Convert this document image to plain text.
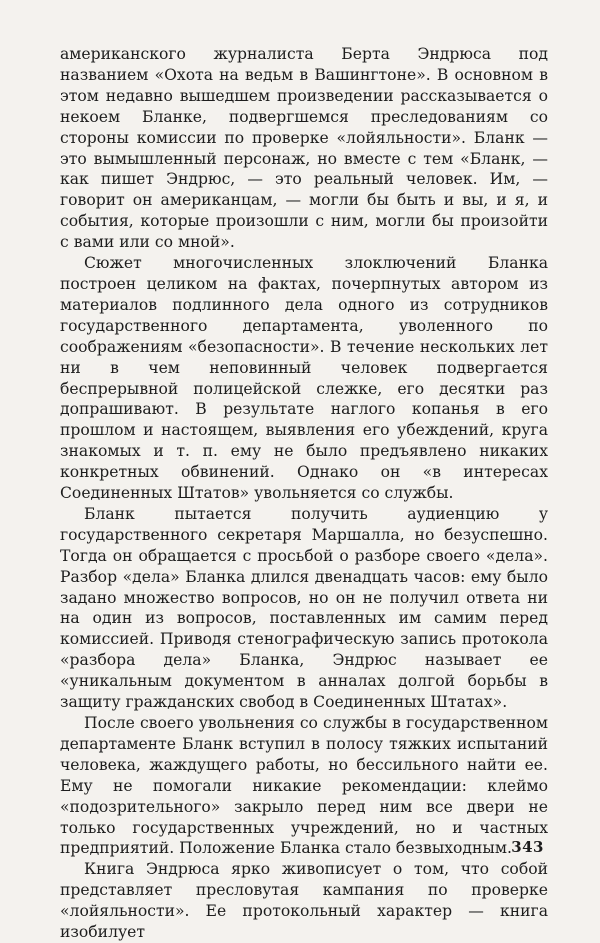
американского журналиста Берта Эндрюса под названием «Охота на ведьм в Вашингтоне». В основном в этом недавно вышедшем произведении рассказывается о некоем Бланке, подвергшемся преследованиям со стороны комиссии по проверке «лойяльности». Бланк — это вымышленный персонаж, но вместе с тем «Бланк, — как пишет Эндрюс, — это реальный человек. Им, — говорит он американцам, — могли бы быть и вы, и я, и события, которые произошли с ним, могли бы произойти с вами или со мной».

Сюжет многочисленных злоключений Бланка построен целиком на фактах, почерпнутых автором из материалов подлинного дела одного из сотрудников государственного департамента, уволенного по соображениям «безопасности». В течение нескольких лет ни в чем неповинный человек подвергается беспрерывной полицейской слежке, его десятки раз допрашивают. В результате наглого копанья в его прошлом и настоящем, выявления его убеждений, круга знакомых и т. п. ему не было предъявлено никаких конкретных обвинений. Однако он «в интересах Соединенных Штатов» увольняется со службы.

Бланк пытается получить аудиенцию у государственного секретаря Маршалла, но безуспешно. Тогда он обращается с просьбой о разборе своего «дела». Разбор «дела» Бланка длился двенадцать часов: ему было задано множество вопросов, но он не получил ответа ни на один из вопросов, поставленных им самим перед комиссией. Приводя стенографическую запись протокола «разбора дела» Бланка, Эндрюс называет ее «уникальным документом в анналах долгой борьбы в защиту гражданских свобод в Соединенных Штатах».

После своего увольнения со службы в государственном департаменте Бланк вступил в полосу тяжких испытаний человека, жаждущего работы, но бессильного найти ее. Ему не помогали никакие рекомендации: клеймо «подозрительного» закрыло перед ним все двери не только государственных учреждений, но и частных предприятий. Положение Бланка стало безвыходным.

Книга Эндрюса ярко живописует о том, что собой представляет пресловутая кампания по проверке «лойяльности». Ее протокольный характер — книга изобилует

343
